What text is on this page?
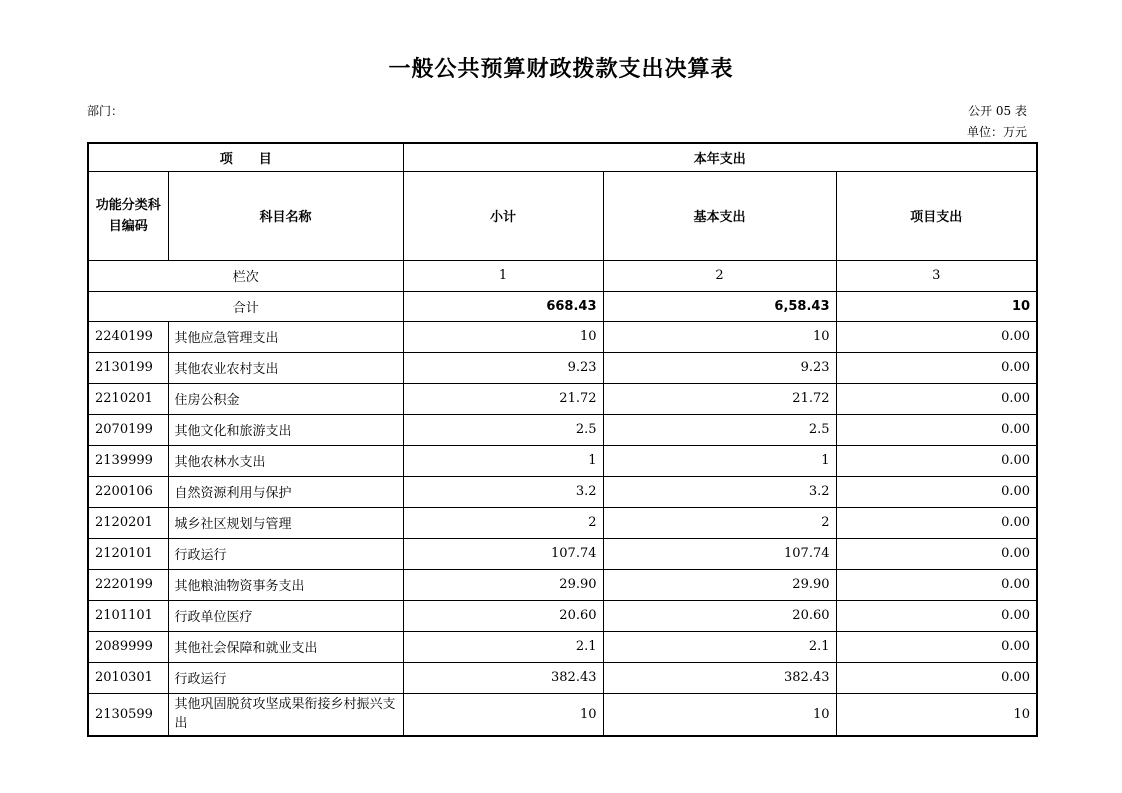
一般公共预算财政拨款支出决算表
部门：	公开 05 表
单位：万元
项　　目		本年支出		
功能分类科目编码	科目名称	小计	基本支出	项目支出
栏次		1	2	3
合计		668.43	6,58.43	10
2240199	其他应急管理支出	10	10	0.00
2130199	其他农业农村支出	9.23	9.23	0.00
2210201	住房公积金	21.72	21.72	0.00
2070199	其他文化和旅游支出	2.5	2.5	0.00
2139999	其他农林水支出	1	1	0.00
2200106	自然资源利用与保护	3.2	3.2	0.00
2120201	城乡社区规划与管理	2	2	0.00
2120101	行政运行	107.74	107.74	0.00
2220199	其他粮油物资事务支出	29.90	29.90	0.00
2101101	行政单位医疗	20.60	20.60	0.00
2089999	其他社会保障和就业支出	2.1	2.1	0.00
2010301	行政运行	382.43	382.43	0.00
2130599	其他巩固脱贫攻坚成果衔接乡村振兴支出	10	10	10
